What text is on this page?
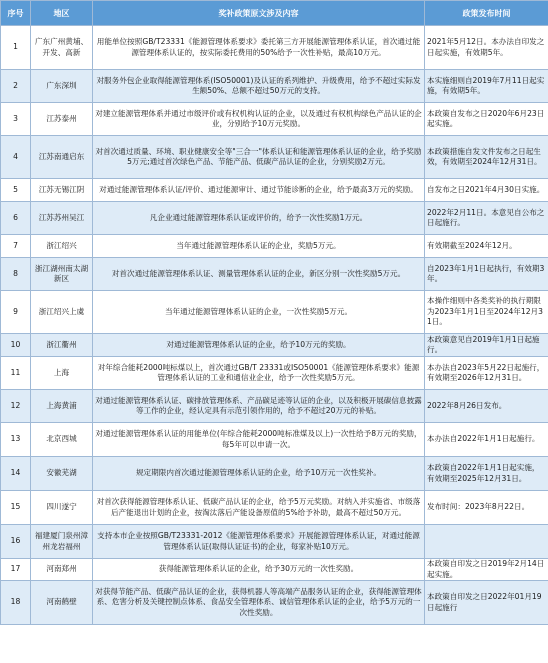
序号	地区	奖补政策原文涉及内容	政策发布时间
1	广东广州黄埔、开发、高新	用能单位按照GB/T23331《能源管理体系要求》委托第三方开展能源管理体系认证，首次通过能源管理体系认证的，按实际委托费用的50%给予一次性补贴，最高10万元。	2021年5月12日。本办法自印发之日起实施，有效期5年。
2	广东深圳	对服务外包企业取得能源管理体系(ISO50001)及认证的系列维护、升级费用，给予不超过实际发生额50%、总额不超过50万元的支持。	本实施细则自2019年7月11日起实施，有效期5年。
3	江苏泰州	对建立能源管理体系并通过市级评价或有权机构认证的企业，以及通过有权机构绿色产品认证的企业，分别给予10万元奖励。	本政策自发布之日2020年6月23日起实施。
4	江苏南通启东	对首次通过质量、环境、职业健康安全等"三合一"体系认证和能源管理体系认证的企业，给予奖励5万元;通过首次绿色产品、节能产品、低碳产品认证的企业，分别奖励2万元。	本政策措施自发文件发布之日起生效，有效期至2024年12月31日。
5	江苏无锡江阴	对通过能源管理体系认证/评价、通过能源审计、通过节能诊断的企业，给予最高3万元的奖励。	自发布之日2021年4月30日实施。
6	江苏苏州吴江	凡企业通过能源管理体系认证或评价的，给予一次性奖励1万元。	2022年2月11日。本意见自公布之日起施行。
7	浙江绍兴	当年通过能源管理体系认证的企业，奖励5万元。	有效期截至2024年12月。
8	浙江湖州南太湖新区	对首次通过能源管理体系认证、测量管理体系认证的企业，新区分别一次性奖励5万元。	自2023年1月1日起执行，有效期3年。
9	浙江绍兴上虞	当年通过能源管理体系认证的企业，一次性奖励5万元。	本操作细则中各类奖补的执行期限为2023年1月1日至2024年12月31日。
10	浙江衢州	对通过能源管理体系认证的企业，给予10万元的奖励。	本政策意见自2019年1月1日起施行。
11	上海	对年综合能耗2000吨标煤以上，首次通过GB/T 23331或ISO50001《能源管理体系要求》能源管理体系认证的工业和通信业企业，给予一次性奖励5万元。	本办法自2023年5月22日起施行，有效期至2026年12月31日。
12	上海黄浦	对通过能源管理体系认证、碳排放管理体系、产品碳足迹等认证的企业，以及积极开展碳信息披露等工作的企业，经认定具有示范引领作用的，给予不超过20万元的补贴。	2022年8月26日发布。
13	北京西城	对通过能源管理体系认证的用能单位(年综合能耗2000吨标准煤及以上)一次性给予8万元的奖励，每5年可以申请一次。	本办法自2022年1月1日起施行。
14	安徽芜湖	规定期限内首次通过能源管理体系认证的企业，给予10万元一次性奖补。	本政策自2022年1月1日起实施，有效期至2025年12月31日。
15	四川遂宁	对首次获得能源管理体系认证、低碳产品认证的企业，给予5万元奖励。对纳入并实施省、市级落后产能退出计划的企业，按淘汰落后产能设备原值的5%给予补助，最高不超过50万元。	发布时间：2023年8月22日。
16	福建厦门泉州漳州龙岩福州	支持本市企业按照GB/T23331-2012《能源管理体系要求》开展能源管理体系认证，对通过能源管理体系认证(取得认证证书)的企业，每家补贴10万元。	
17	河南郑州	获得能源管理体系认证的企业，给予30万元的一次性奖励。	本政策自印发之日2019年2月14日起实施。
18	河南鹤壁	对获得节能产品、低碳产品认证的企业，获得机器人等高端产品服务认证的企业，获得能源管理体系、危害分析及关键控制点体系、食品安全管理体系、诚信管理体系认证的企业，给予5万元的一次性奖励。	本政策自印发之日2022年01月19日起施行
